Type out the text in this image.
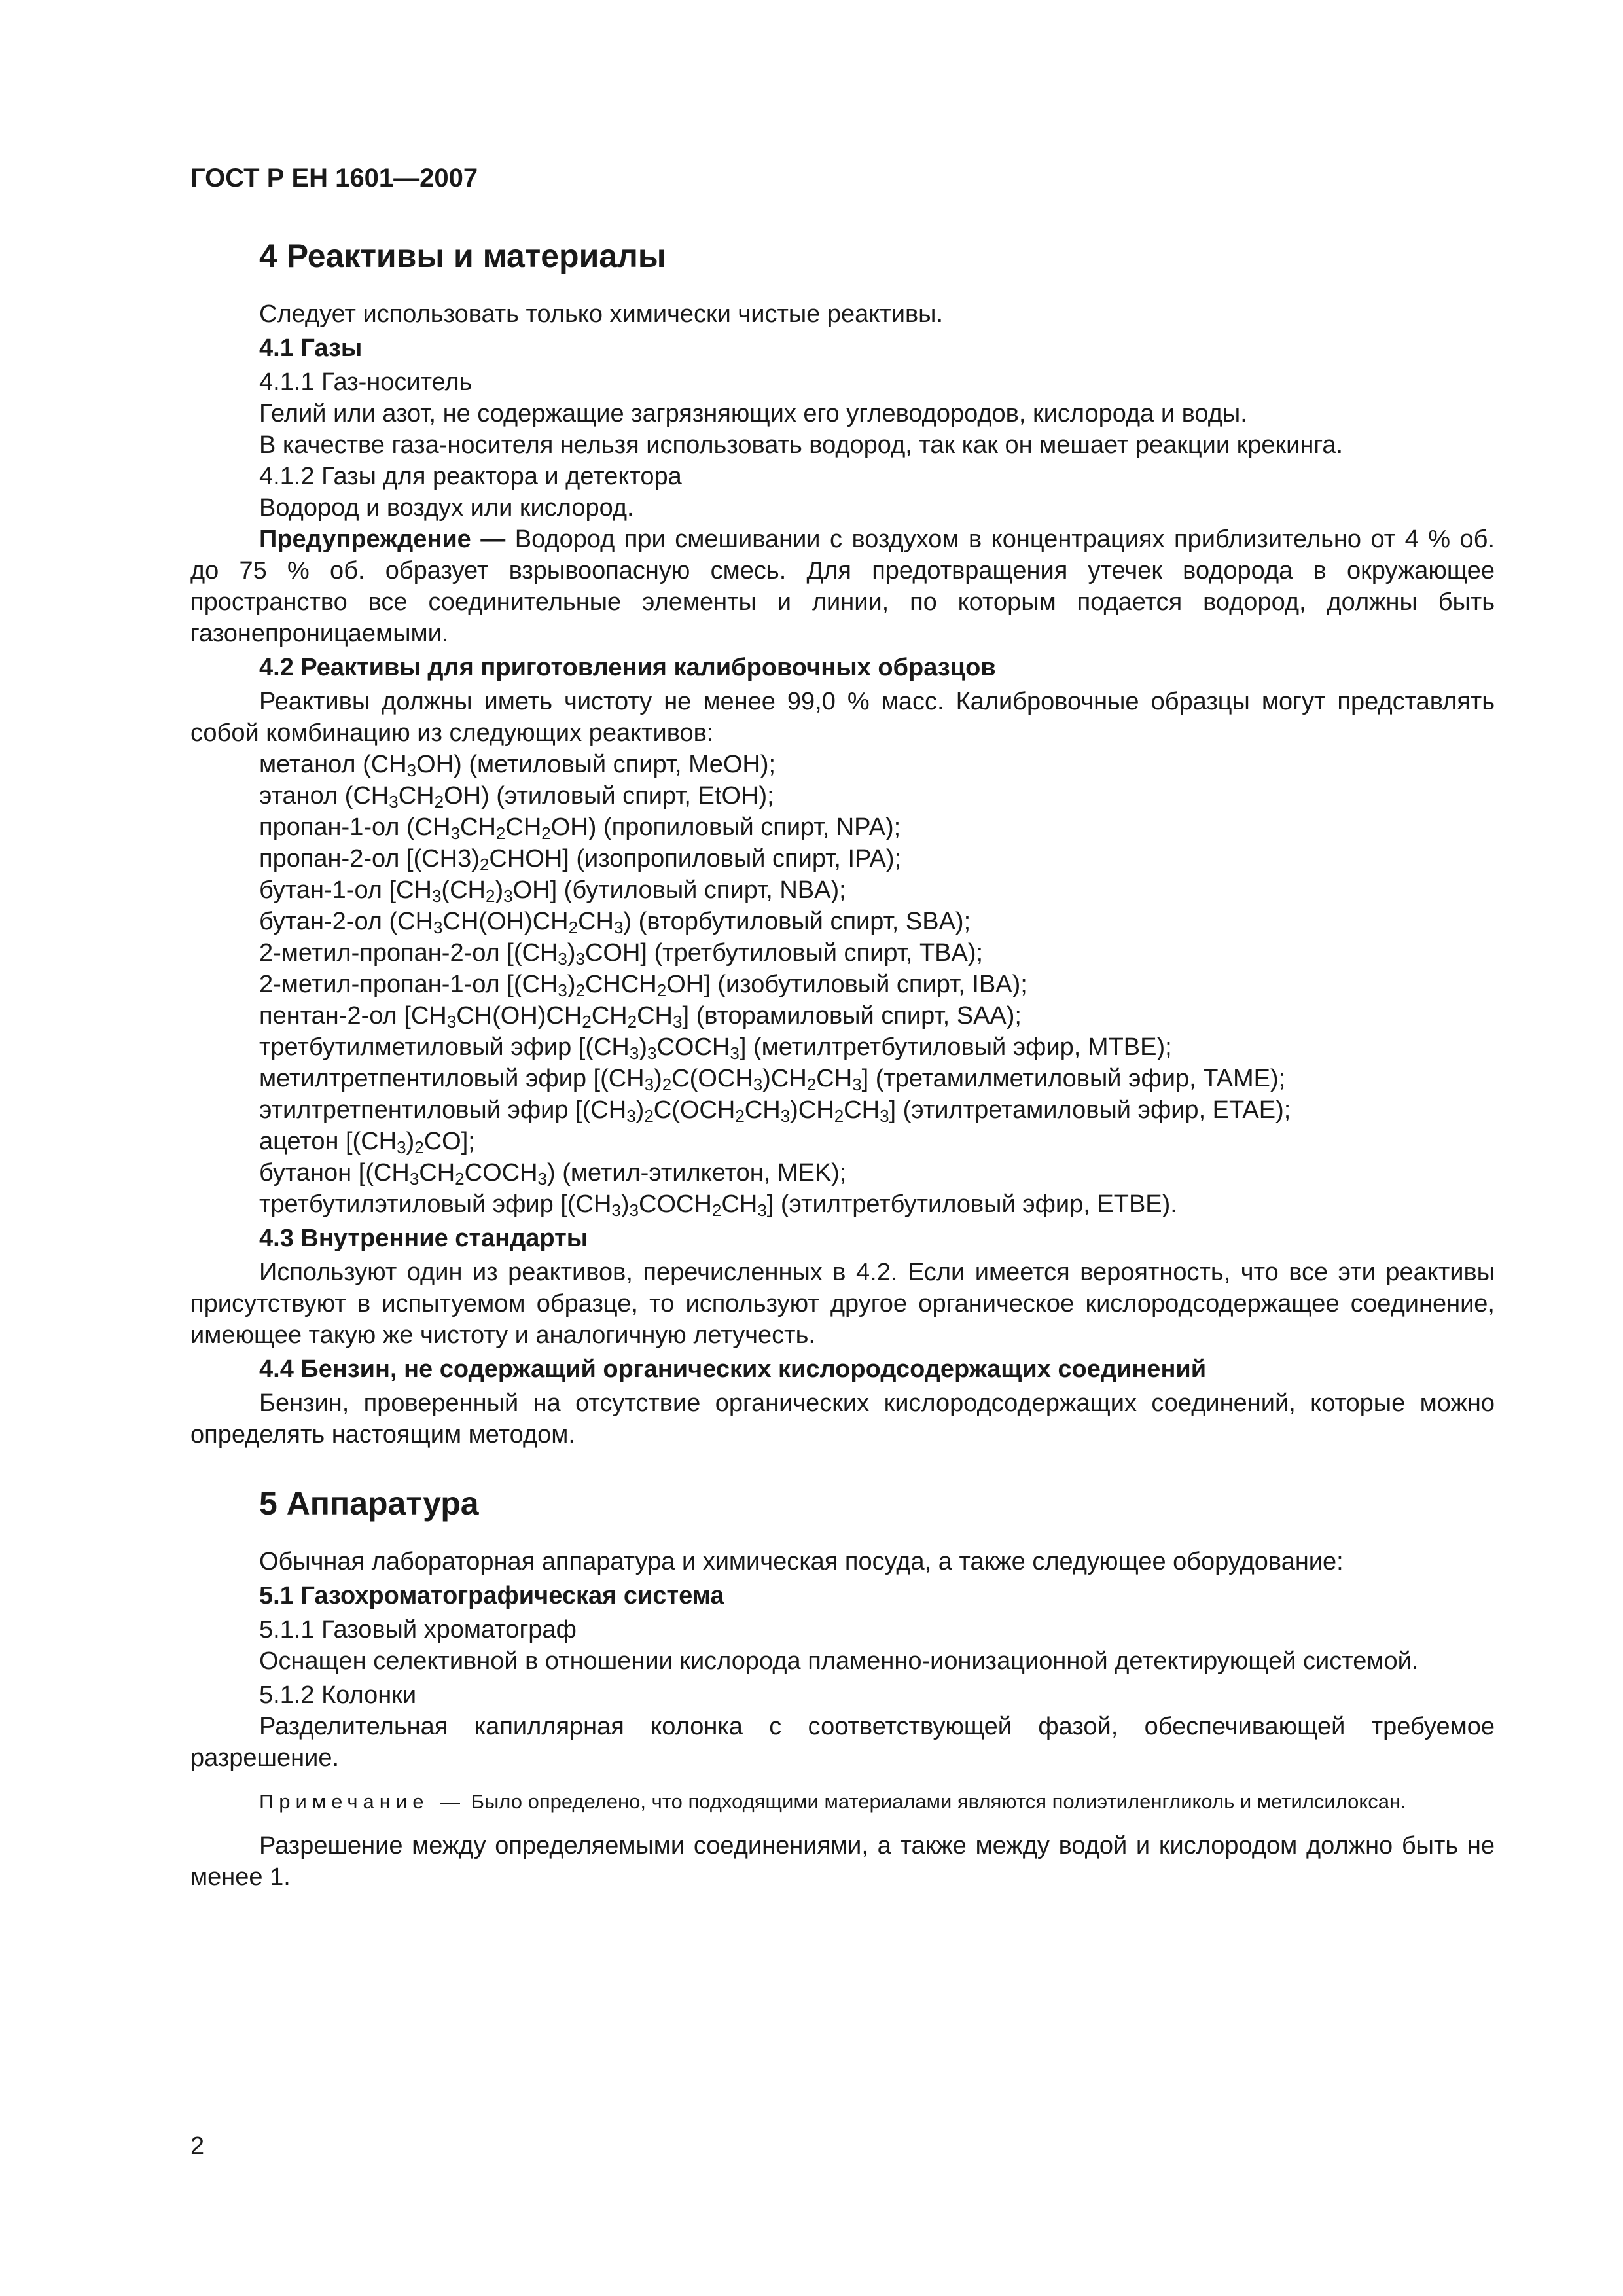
ГОСТ Р ЕН 1601—2007

4 Реактивы и материалы

Следует использовать только химически чистые реактивы.

4.1 Газы

4.1.1 Газ-носитель

Гелий или азот, не содержащие загрязняющих его углеводородов, кислорода и воды.

В качестве газа-носителя нельзя использовать водород, так как он мешает реакции крекинга.

4.1.2 Газы для реактора и детектора

Водород и воздух или кислород.

Предупреждение — Водород при смешивании с воздухом в концентрациях приблизительно от 4 % об. до 75 % об. образует взрывоопасную смесь. Для предотвращения утечек водорода в окружающее пространство все соединительные элементы и линии, по которым подается водород, должны быть газонепроницаемыми.

4.2 Реактивы для приготовления калибровочных образцов

Реактивы должны иметь чистоту не менее 99,0 % масс. Калибровочные образцы могут представлять собой комбинацию из следующих реактивов:

метанол $(CH_3OH)$ (метиловый спирт, MeOH);

этанол $(CH_3CH_2OH)$ (этиловый спирт, EtOH);

пропан-1-ол $(CH_3CH_2CH_2OH)$ (пропиловый спирт, NPA);

пропан-2-ол $[(CH3)_2CHOH]$ (изопропиловый спирт, IPA);

бутан-1-ол $[CH_3(CH_2)_3OH]$ (бутиловый спирт, NBA);

бутан-2-ол $(CH_3CH(OH)CH_2CH_3)$ (вторбутиловый спирт, SBA);

2-метил-пропан-2-ол $[(CH_3)_3COH]$ (третбутиловый спирт, TBA);

2-метил-пропан-1-ол $[(CH_3)_2CHCH_2OH]$ (изобутиловый спирт, IBA);

пентан-2-ол $[CH_3CH(OH)CH_2CH_2CH_3]$ (вторамиловый спирт, SAA);

третбутилметиловый эфир $[(CH_3)_3COCH_3]$ (метилтретбутиловый эфир, MTBE);

метилтретпентиловый эфир $[(CH_3)_2C(OCH_3)CH_2CH_3]$ (третамилметиловый эфир, TAME);

этилтретпентиловый эфир $[(CH_3)_2C(OCH_2CH_3)CH_2CH_3]$ (этилтретамиловый эфир, ETAE);

ацетон $[(CH_3)_2CO]$;

бутанон [$(CH_3CH_2COCH_3)$ (метил-этилкетон, MEK);

третбутилэтиловый эфир $[(CH_3)_3COCH_2CH_3]$ (этилтретбутиловый эфир, ETBE).

4.3 Внутренние стандарты

Используют один из реактивов, перечисленных в 4.2. Если имеется вероятность, что все эти реактивы присутствуют в испытуемом образце, то используют другое органическое кислородсодержащее соединение, имеющее такую же чистоту и аналогичную летучесть.

4.4 Бензин, не содержащий органических кислородсодержащих соединений

Бензин, проверенный на отсутствие органических кислородсодержащих соединений, которые можно определять настоящим методом.

5 Аппаратура

Обычная лабораторная аппаратура и химическая посуда, а также следующее оборудование:

5.1 Газохроматографическая система

5.1.1 Газовый хроматограф

Оснащен селективной в отношении кислорода пламенно-ионизационной детектирующей системой.

5.1.2 Колонки

Разделительная капиллярная колонка с соответствующей фазой, обеспечивающей требуемое разрешение.

Примечание — Было определено, что подходящими материалами являются полиэтиленгликоль и метилсилоксан.

Разрешение между определяемыми соединениями, а также между водой и кислородом должно быть не менее 1.

2
